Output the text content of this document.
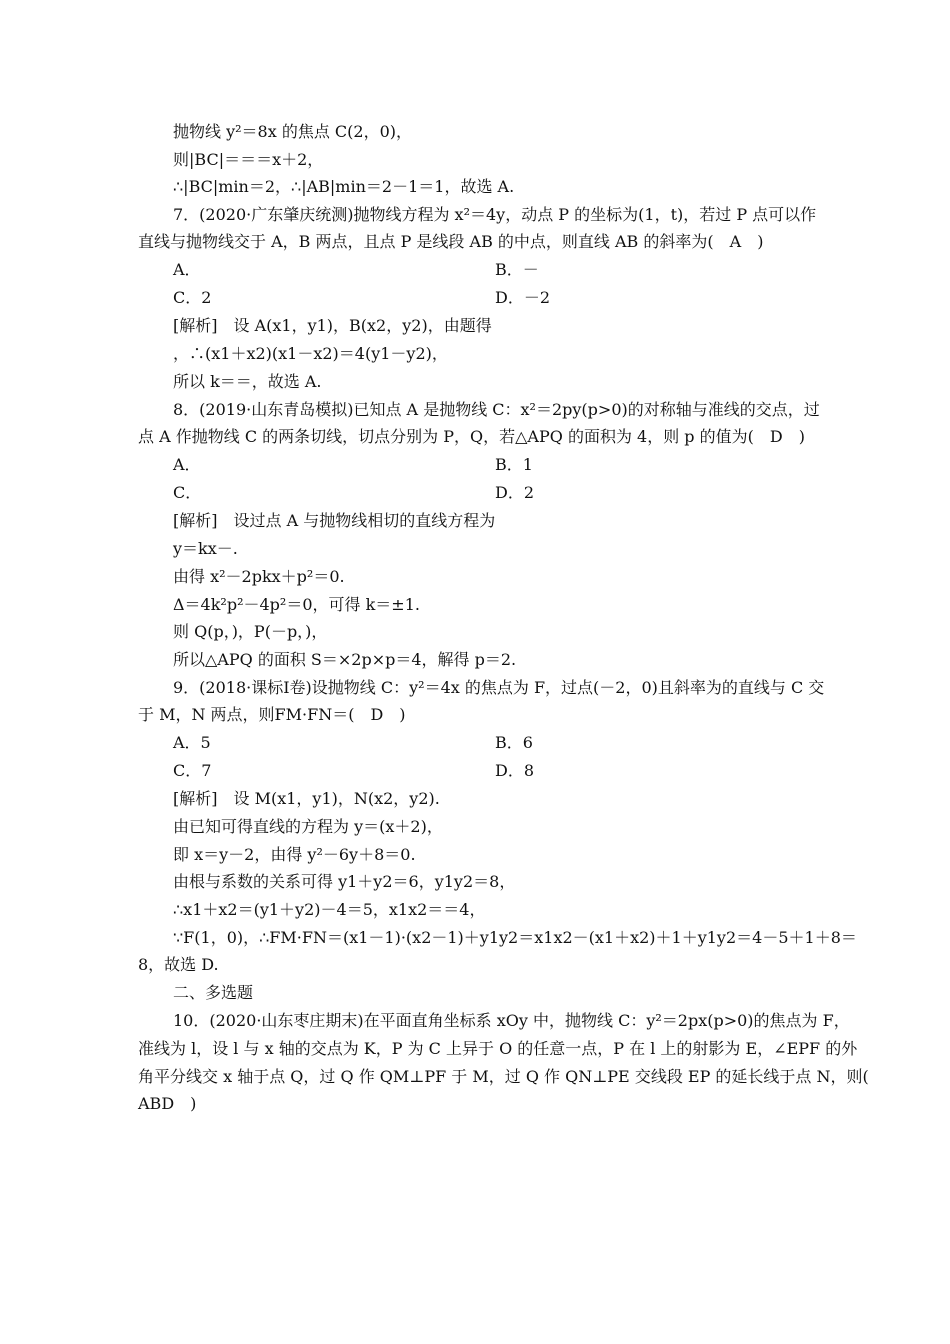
抛物线 y²＝8x 的焦点 C(2，0)，
则|BC|＝＝＝x＋2，
∴|BC|min＝2，∴|AB|min＝2－1＝1，故选 A.
7．(2020·广东肇庆统测)抛物线方程为 x²＝4y，动点 P 的坐标为(1，t)，若过 P 点可以作
直线与抛物线交于 A，B 两点，且点 P 是线段 AB 的中点，则直线 AB 的斜率为(　A　)
A．	B．－
C．2	D．－2
[解析]　设 A(x1，y1)，B(x2，y2)，由题得
，∴(x1＋x2)(x1－x2)＝4(y1－y2)，
所以 k＝＝，故选 A.
8．(2019·山东青岛模拟)已知点 A 是抛物线 C：x²＝2py(p>0)的对称轴与准线的交点，过
点 A 作抛物线 C 的两条切线，切点分别为 P，Q，若△APQ 的面积为 4，则 p 的值为(　D　)
A．	B．1
C．	D．2
[解析]　设过点 A 与抛物线相切的直线方程为
y＝kx－.
由得 x²－2pkx＋p²＝0.
Δ＝4k²p²－4p²＝0，可得 k＝±1.
则 Q(p，)，P(－p，)，
所以△APQ 的面积 S＝×2p×p＝4，解得 p＝2.
9．(2018·课标Ⅰ卷)设抛物线 C：y²＝4x 的焦点为 F，过点(－2，0)且斜率为的直线与 C 交
于 M，N 两点，则FM·FN＝(　D　)
A．5	B．6
C．7	D．8
[解析]　设 M(x1，y1)，N(x2，y2).
由已知可得直线的方程为 y＝(x＋2)，
即 x＝y－2，由得 y²－6y＋8＝0.
由根与系数的关系可得 y1＋y2＝6，y1y2＝8，
∴x1＋x2＝(y1＋y2)－4＝5，x1x2＝＝4，
∵F(1，0)，∴FM·FN＝(x1－1)·(x2－1)＋y1y2＝x1x2－(x1＋x2)＋1＋y1y2＝4－5＋1＋8＝
8，故选 D.
二、多选题
10．(2020·山东枣庄期末)在平面直角坐标系 xOy 中，抛物线 C：y²＝2px(p>0)的焦点为 F，
准线为 l，设 l 与 x 轴的交点为 K，P 为 C 上异于 O 的任意一点，P 在 l 上的射影为 E，∠EPF 的外
角平分线交 x 轴于点 Q，过 Q 作 QM⊥PF 于 M，过 Q 作 QN⊥PE 交线段 EP 的延长线于点 N，则(
ABD　)
